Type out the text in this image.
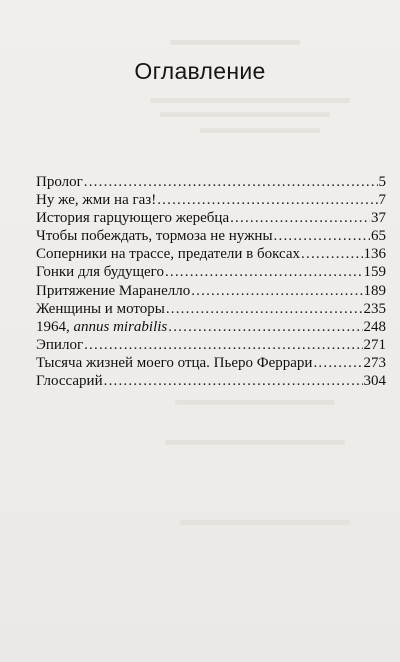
Оглавление
Пролог .....	5
Ну же, жми на газ! .....	7
История гарцующего жеребца .....	37
Чтобы побеждать, тормоза не нужны .....	65
Соперники на трассе, предатели в боксах .....	136
Гонки для будущего .....	159
Притяжение Маранелло .....	189
Женщины и моторы .....	235
1964, annus mirabilis .....	248
Эпилог .....	271
Тысяча жизней моего отца. Пьеро Феррари .....	273
Глоссарий .....	304
